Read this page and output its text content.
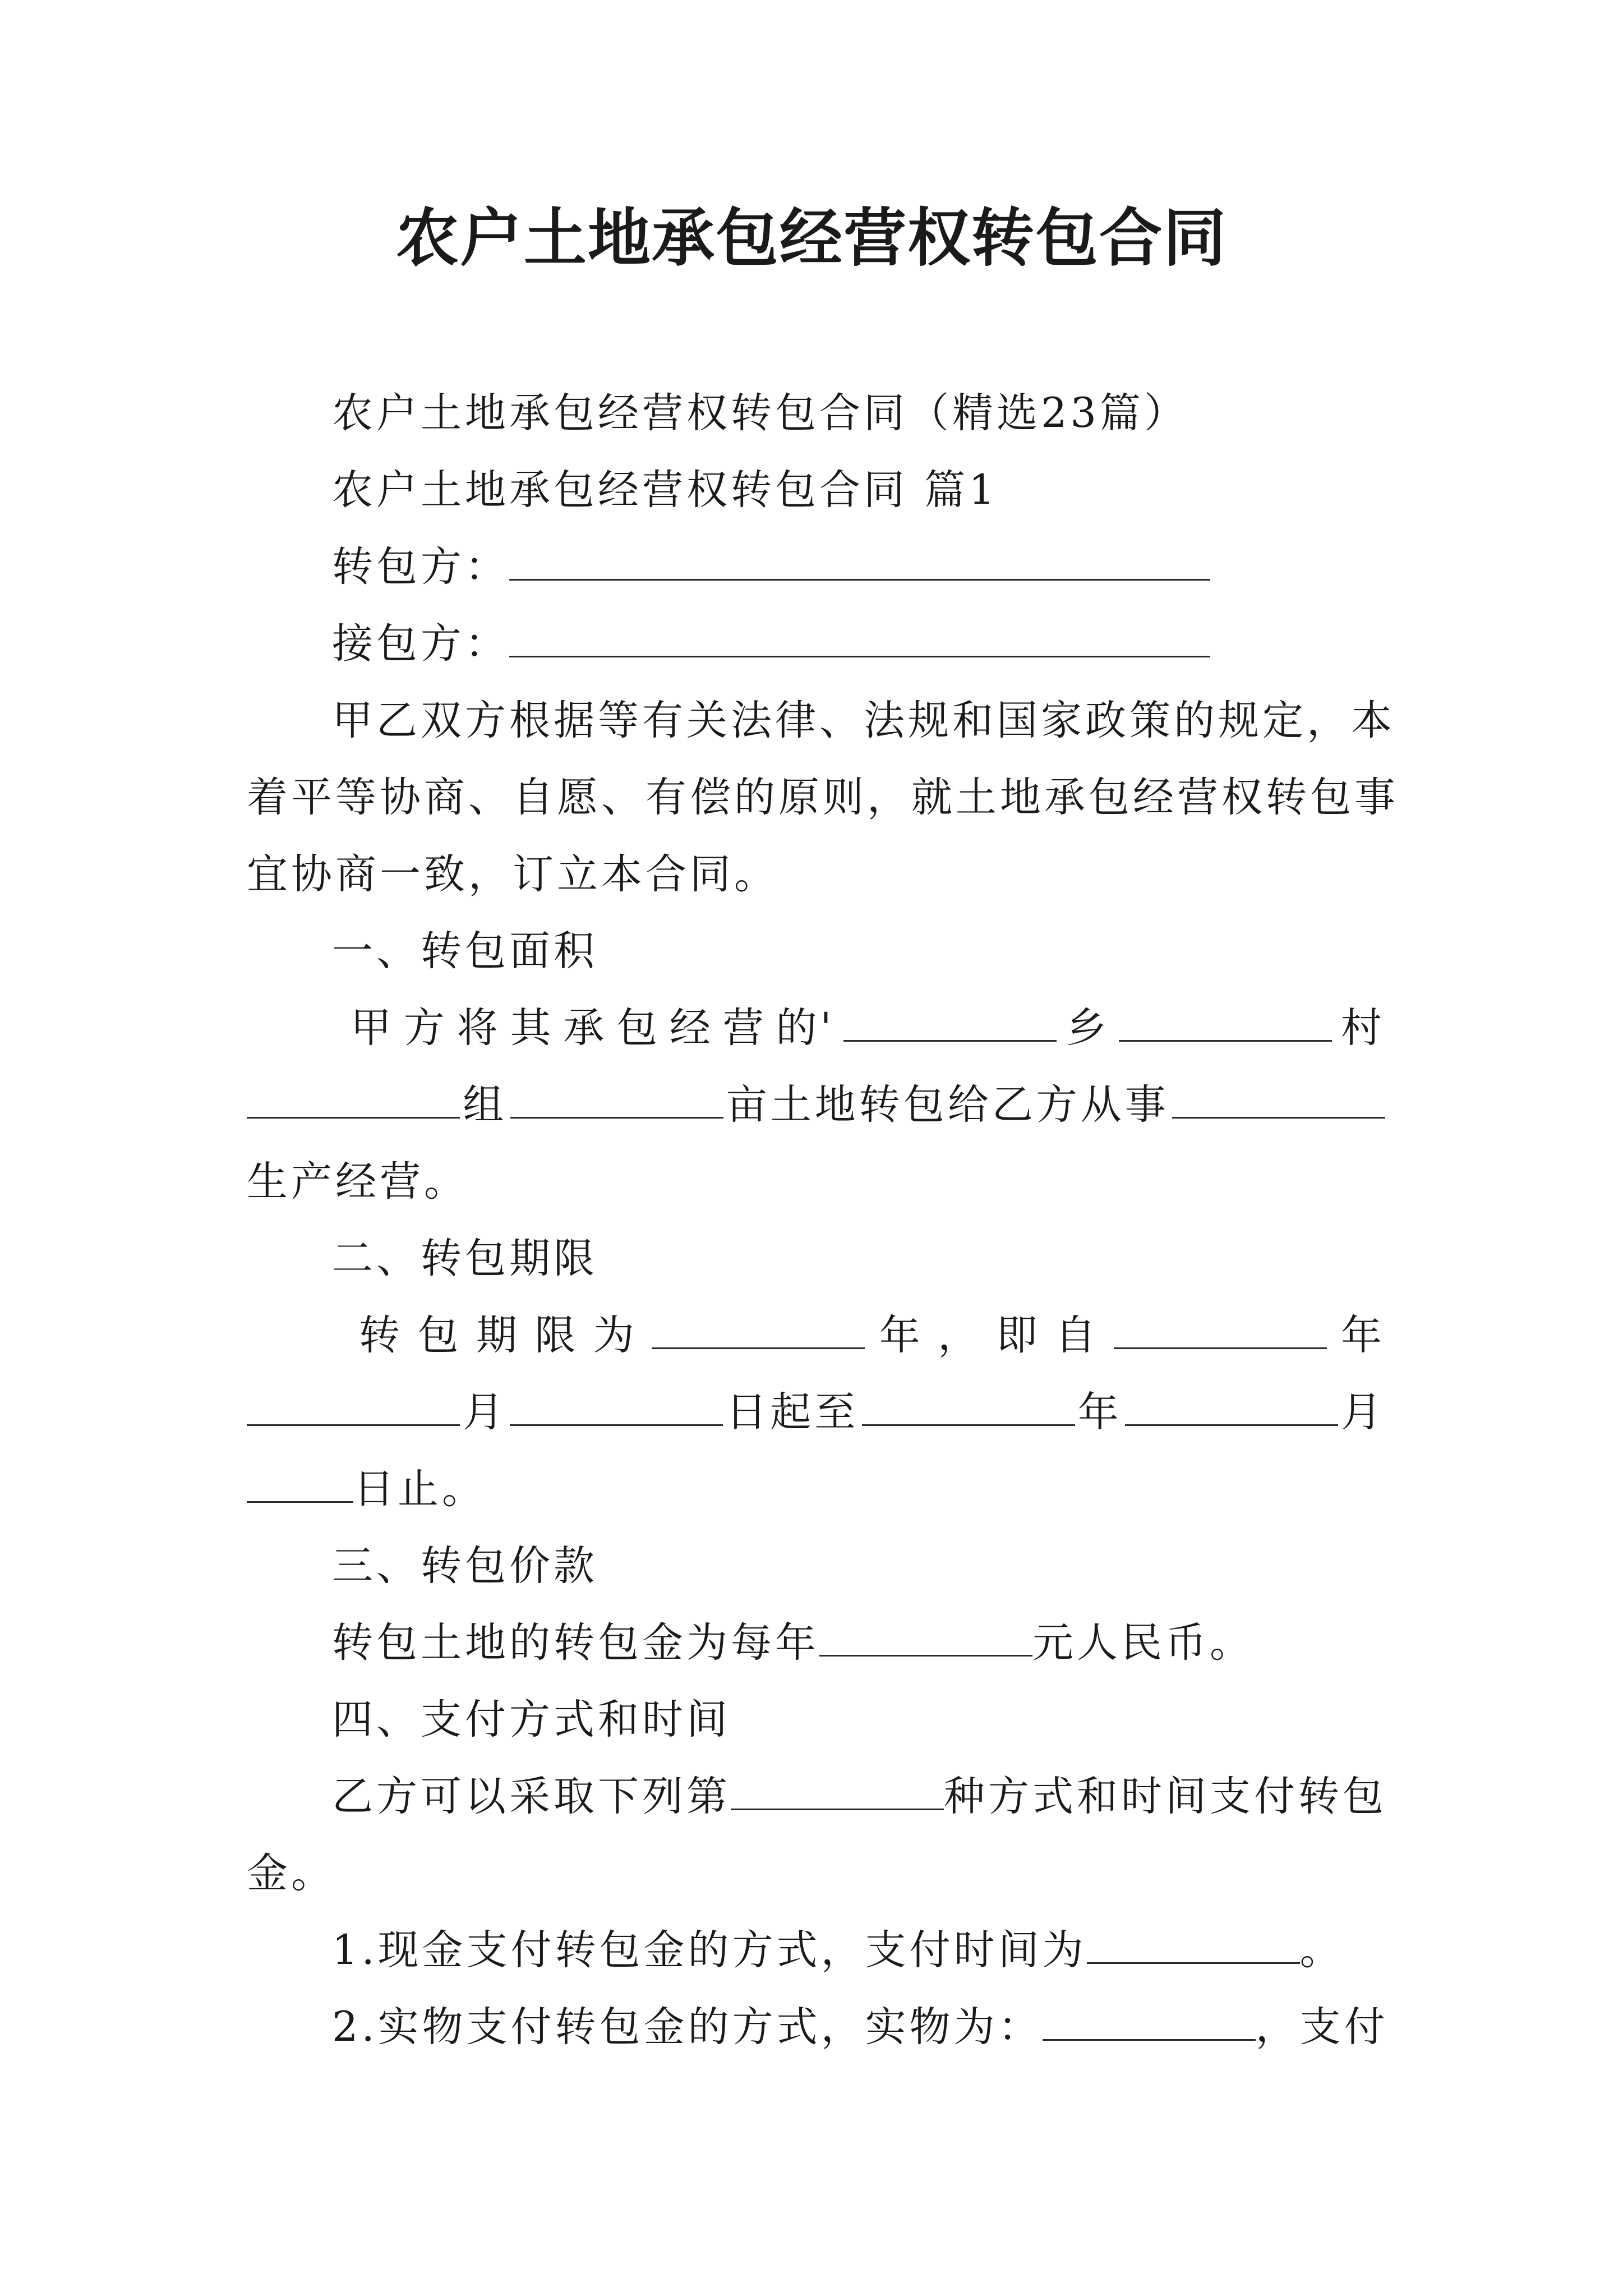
农户土地承包经营权转包合同
农户土地承包经营权转包合同（精选23篇）
农户土地承包经营权转包合同 篇1
转包方：
接包方：
甲乙双方根据等有关法律、法规和国家政策的规定，本
着平等协商、自愿、有偿的原则，就土地承包经营权转包事
宜协商一致，订立本合同。
一、转包面积
甲 方 将 其 承 包 经 营 的'	乡	村
组	亩土地转包给乙方从事
生产经营。
二、转包期限
转 包 期 限 为	年 ， 即 自	年
月	日起至	年	月
日止。
三、转包价款
转包土地的转包金为每年	元人民币。
四、支付方式和时间
乙方可以采取下列第	种方式和时间支付转包
金。
1.现金支付转包金的方式，支付时间为	。
2.实物支付转包金的方式，实物为：	，支付
